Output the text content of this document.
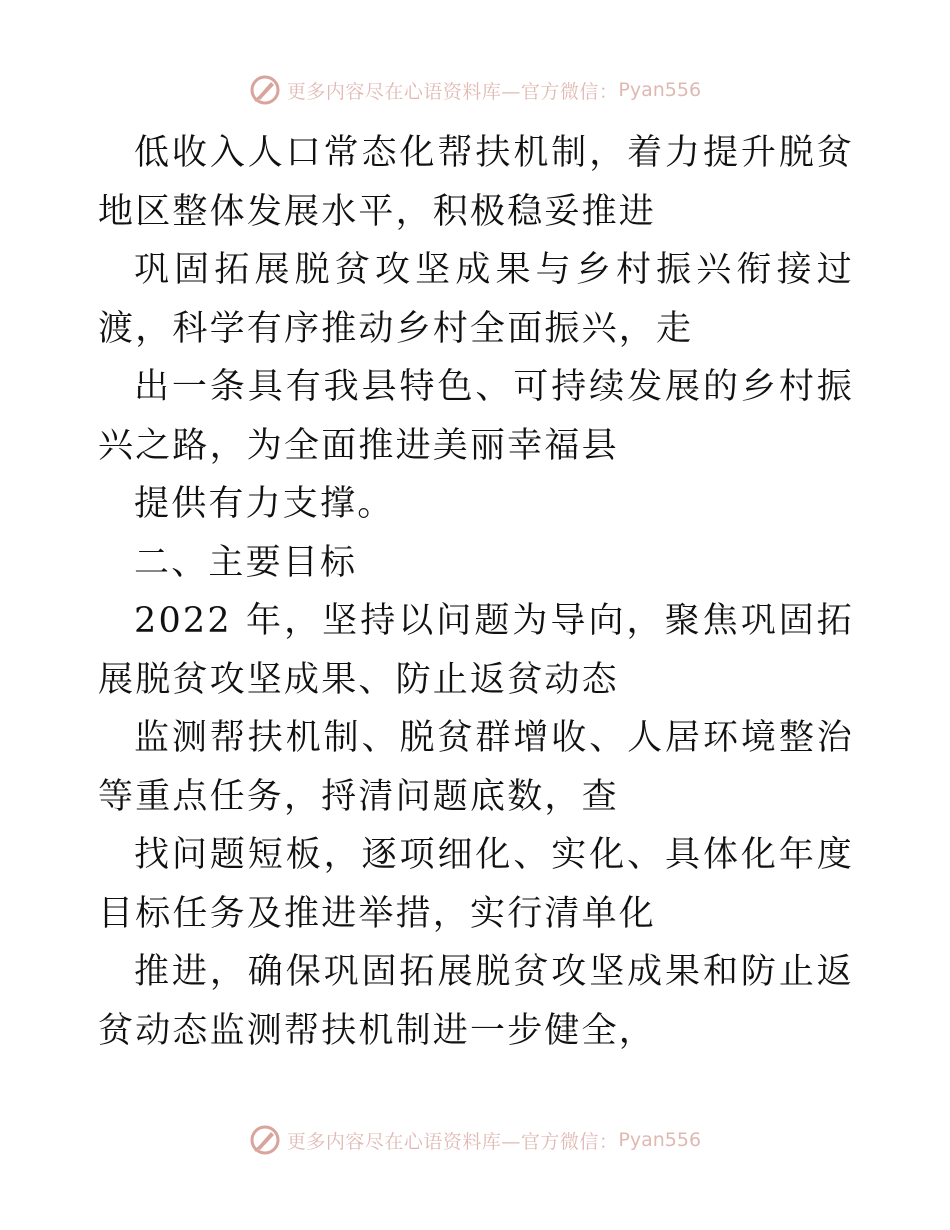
更多内容尽在心语资料库—官方微信： Pyan556

低收入人口常态化帮扶机制，着力提升脱贫地区整体发展水平，积极稳妥推进

巩固拓展脱贫攻坚成果与乡村振兴衔接过渡，科学有序推动乡村全面振兴，走

出一条具有我县特色、可持续发展的乡村振兴之路，为全面推进美丽幸福县

提供有力支撑。

二、主要目标

2022 年，坚持以问题为导向，聚焦巩固拓展脱贫攻坚成果、防止返贫动态

监测帮扶机制、脱贫群增收、人居环境整治等重点任务，捋清问题底数，查

找问题短板，逐项细化、实化、具体化年度目标任务及推进举措，实行清单化

推进，确保巩固拓展脱贫攻坚成果和防止返贫动态监测帮扶机制进一步健全，

更多内容尽在心语资料库—官方微信： Pyan556
